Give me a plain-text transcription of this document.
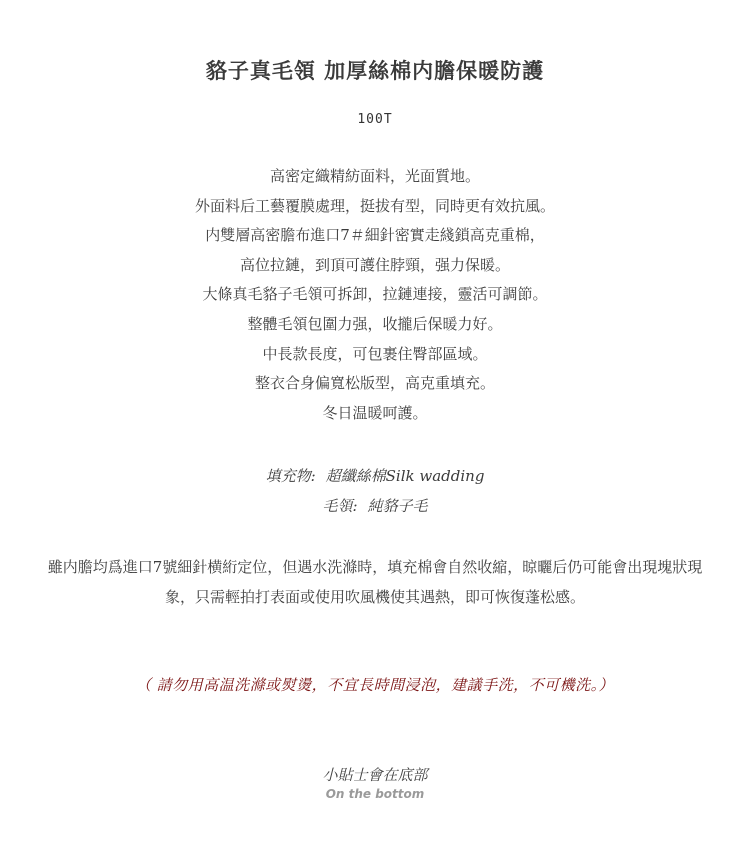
貉子真毛領 加厚絲棉内膽保暖防護
100T
高密定織精紡面料，光面質地。
外面料后工藝覆膜處理，挺拔有型，同時更有效抗風。
内雙層高密膽布進口7＃細針密實走綫鎖高克重棉，
高位拉鏈，到頂可護住脖頸，强力保暖。
大條真毛貉子毛領可拆卸，拉鏈連接，靈活可調節。
整體毛領包圍力强，收攏后保暖力好。
中長款長度，可包裹住臀部區域。
整衣合身偏寬松版型，高克重填充。
冬日温暖呵護。
填充物: 超纖絲棉Silk wadding
毛領: 純貉子毛
雖内膽均爲進口7號細針横絎定位，但遇水洗滌時，填充棉會自然收縮，晾曬后仍可能會出現塊狀現象，只需輕拍打表面或使用吹風機使其遇熱，即可恢復蓬松感。
（ 請勿用高温洗滌或熨燙，不宜長時間浸泡，建議手洗，不可機洗。）
小貼士會在底部
On the bottom
